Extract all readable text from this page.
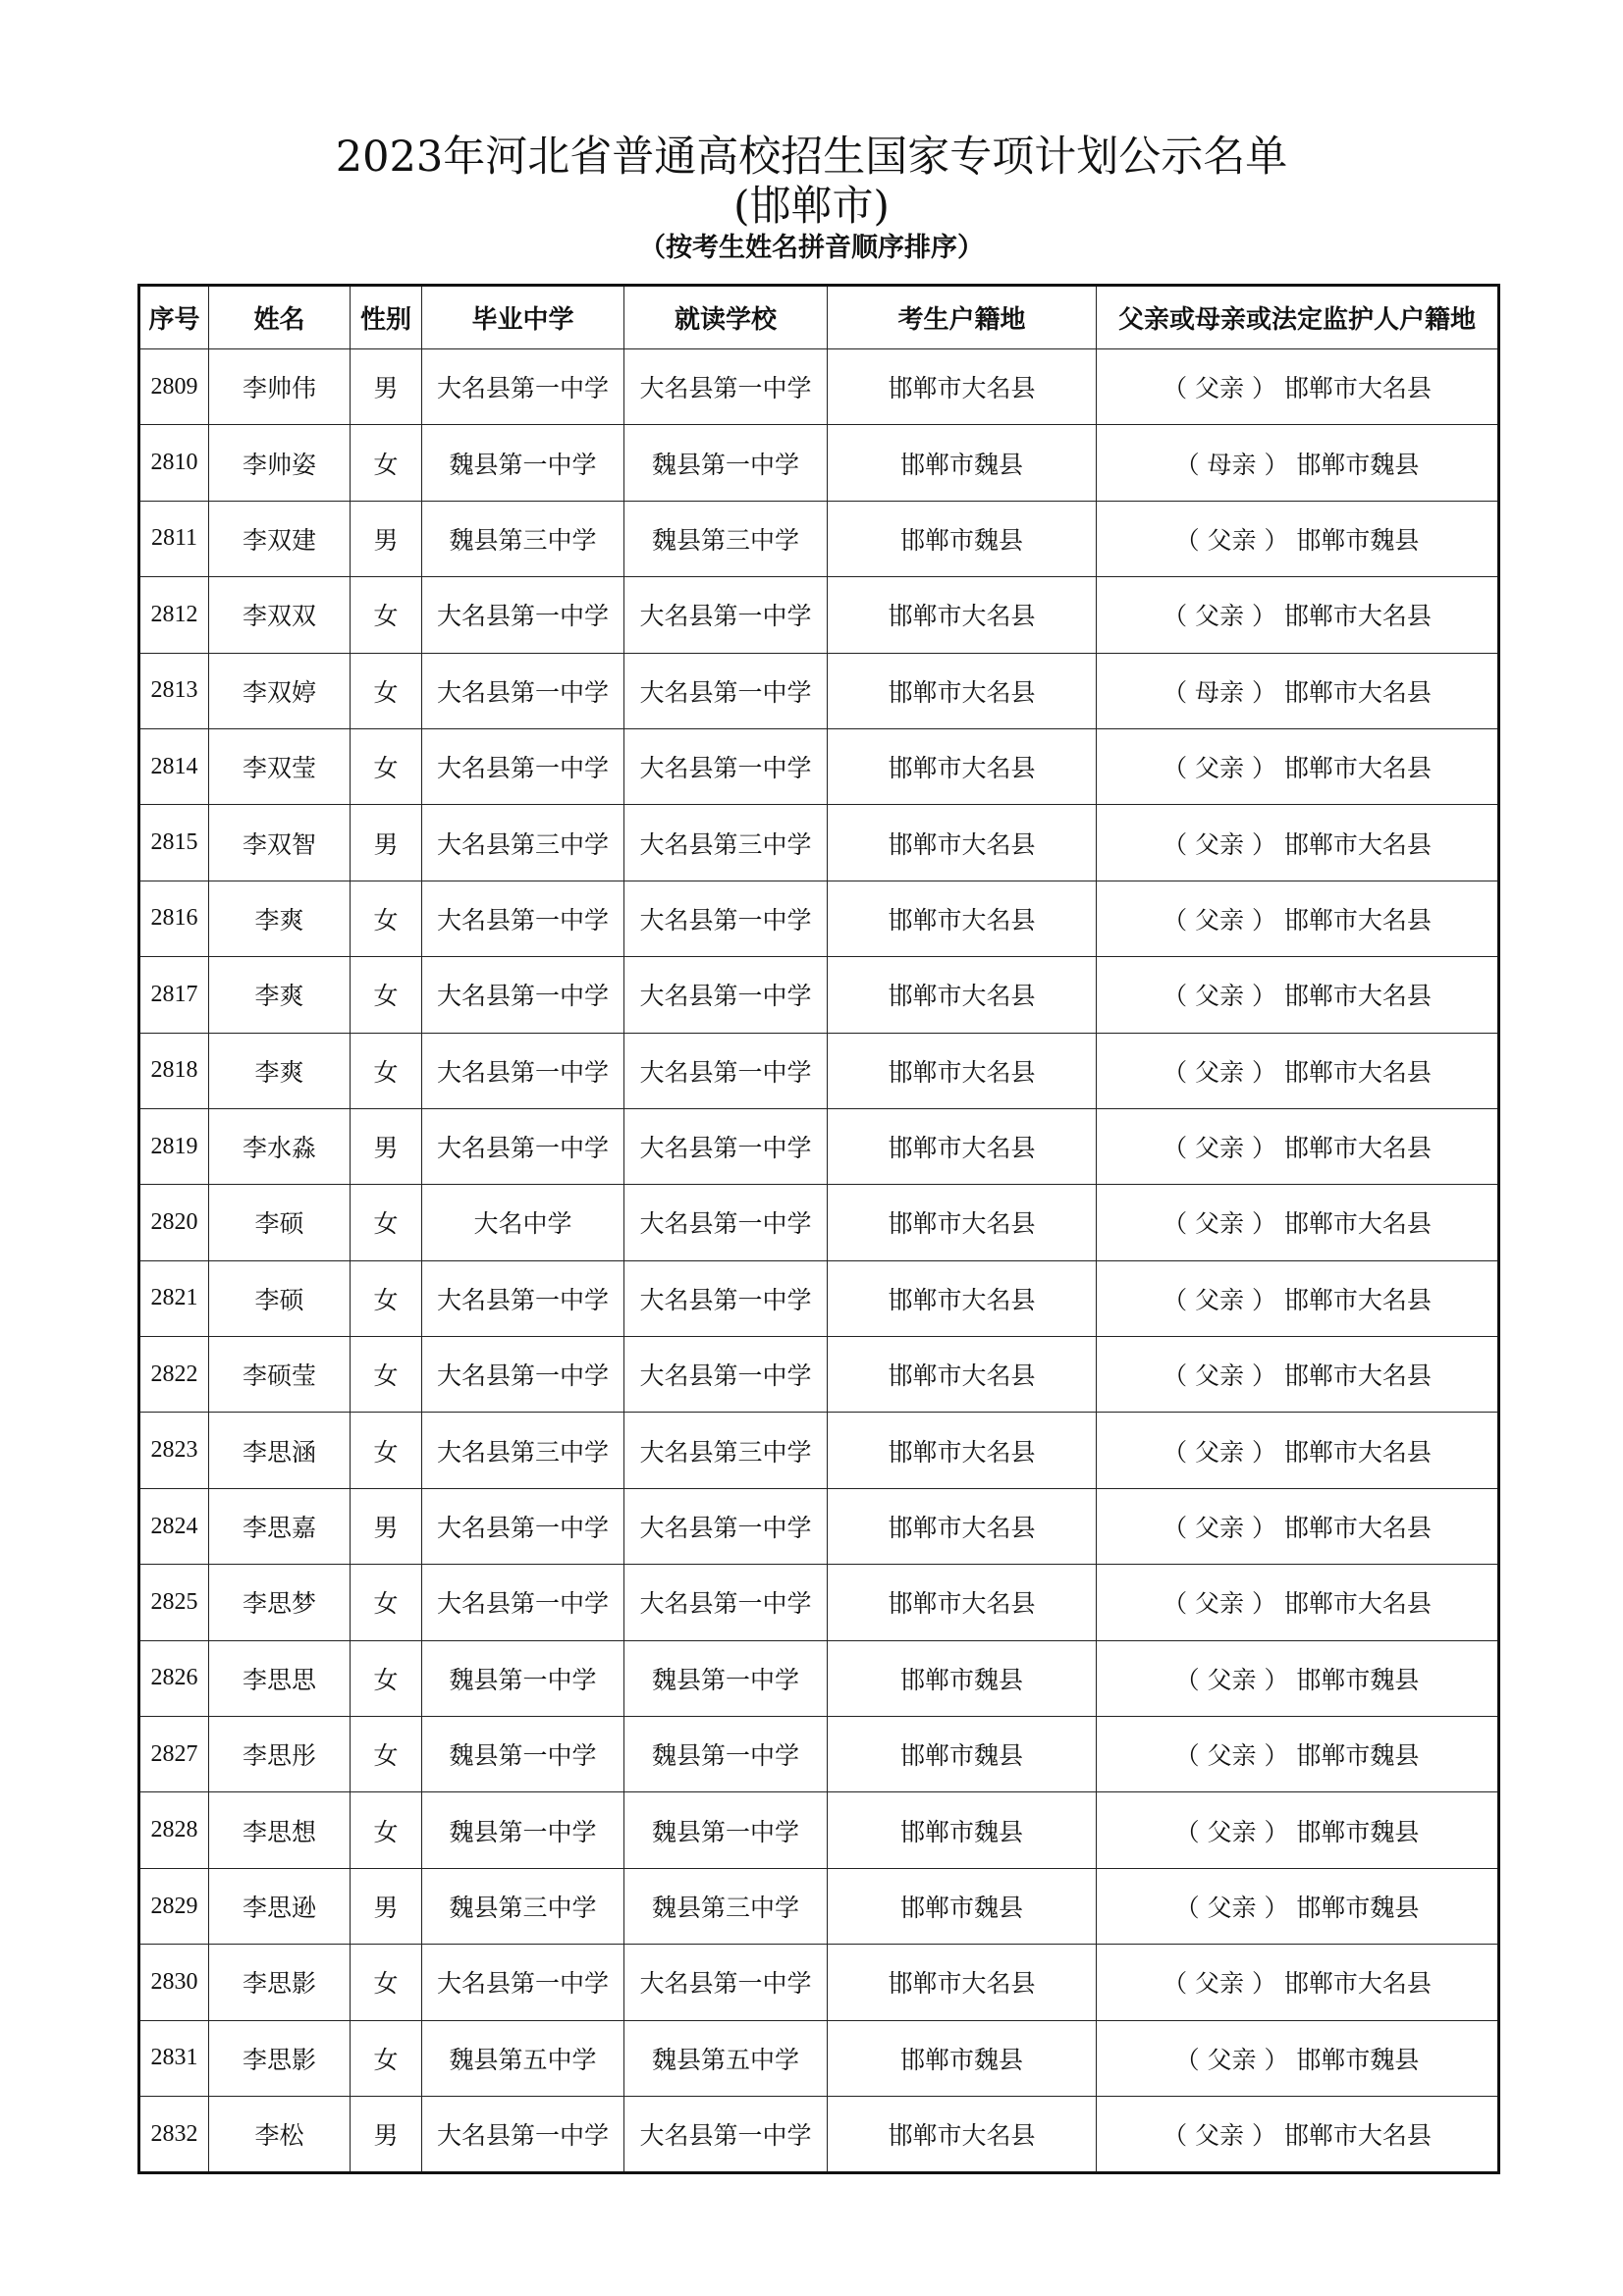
2023年河北省普通高校招生国家专项计划公示名单
(邯郸市)
（按考生姓名拼音顺序排序）
序号	姓名	性别	毕业中学	就读学校	考生户籍地	父亲或母亲或法定监护人户籍地
2809	李帅伟	男	大名县第一中学	大名县第一中学	邯郸市大名县	（ 父亲 ） 邯郸市大名县
2810	李帅姿	女	魏县第一中学	魏县第一中学	邯郸市魏县	（ 母亲 ） 邯郸市魏县
2811	李双建	男	魏县第三中学	魏县第三中学	邯郸市魏县	（ 父亲 ） 邯郸市魏县
2812	李双双	女	大名县第一中学	大名县第一中学	邯郸市大名县	（ 父亲 ） 邯郸市大名县
2813	李双婷	女	大名县第一中学	大名县第一中学	邯郸市大名县	（ 母亲 ） 邯郸市大名县
2814	李双莹	女	大名县第一中学	大名县第一中学	邯郸市大名县	（ 父亲 ） 邯郸市大名县
2815	李双智	男	大名县第三中学	大名县第三中学	邯郸市大名县	（ 父亲 ） 邯郸市大名县
2816	李爽	女	大名县第一中学	大名县第一中学	邯郸市大名县	（ 父亲 ） 邯郸市大名县
2817	李爽	女	大名县第一中学	大名县第一中学	邯郸市大名县	（ 父亲 ） 邯郸市大名县
2818	李爽	女	大名县第一中学	大名县第一中学	邯郸市大名县	（ 父亲 ） 邯郸市大名县
2819	李水淼	男	大名县第一中学	大名县第一中学	邯郸市大名县	（ 父亲 ） 邯郸市大名县
2820	李硕	女	大名中学	大名县第一中学	邯郸市大名县	（ 父亲 ） 邯郸市大名县
2821	李硕	女	大名县第一中学	大名县第一中学	邯郸市大名县	（ 父亲 ） 邯郸市大名县
2822	李硕莹	女	大名县第一中学	大名县第一中学	邯郸市大名县	（ 父亲 ） 邯郸市大名县
2823	李思涵	女	大名县第三中学	大名县第三中学	邯郸市大名县	（ 父亲 ） 邯郸市大名县
2824	李思嘉	男	大名县第一中学	大名县第一中学	邯郸市大名县	（ 父亲 ） 邯郸市大名县
2825	李思梦	女	大名县第一中学	大名县第一中学	邯郸市大名县	（ 父亲 ） 邯郸市大名县
2826	李思思	女	魏县第一中学	魏县第一中学	邯郸市魏县	（ 父亲 ） 邯郸市魏县
2827	李思彤	女	魏县第一中学	魏县第一中学	邯郸市魏县	（ 父亲 ） 邯郸市魏县
2828	李思想	女	魏县第一中学	魏县第一中学	邯郸市魏县	（ 父亲 ） 邯郸市魏县
2829	李思逊	男	魏县第三中学	魏县第三中学	邯郸市魏县	（ 父亲 ） 邯郸市魏县
2830	李思影	女	大名县第一中学	大名县第一中学	邯郸市大名县	（ 父亲 ） 邯郸市大名县
2831	李思影	女	魏县第五中学	魏县第五中学	邯郸市魏县	（ 父亲 ） 邯郸市魏县
2832	李松	男	大名县第一中学	大名县第一中学	邯郸市大名县	（ 父亲 ） 邯郸市大名县
